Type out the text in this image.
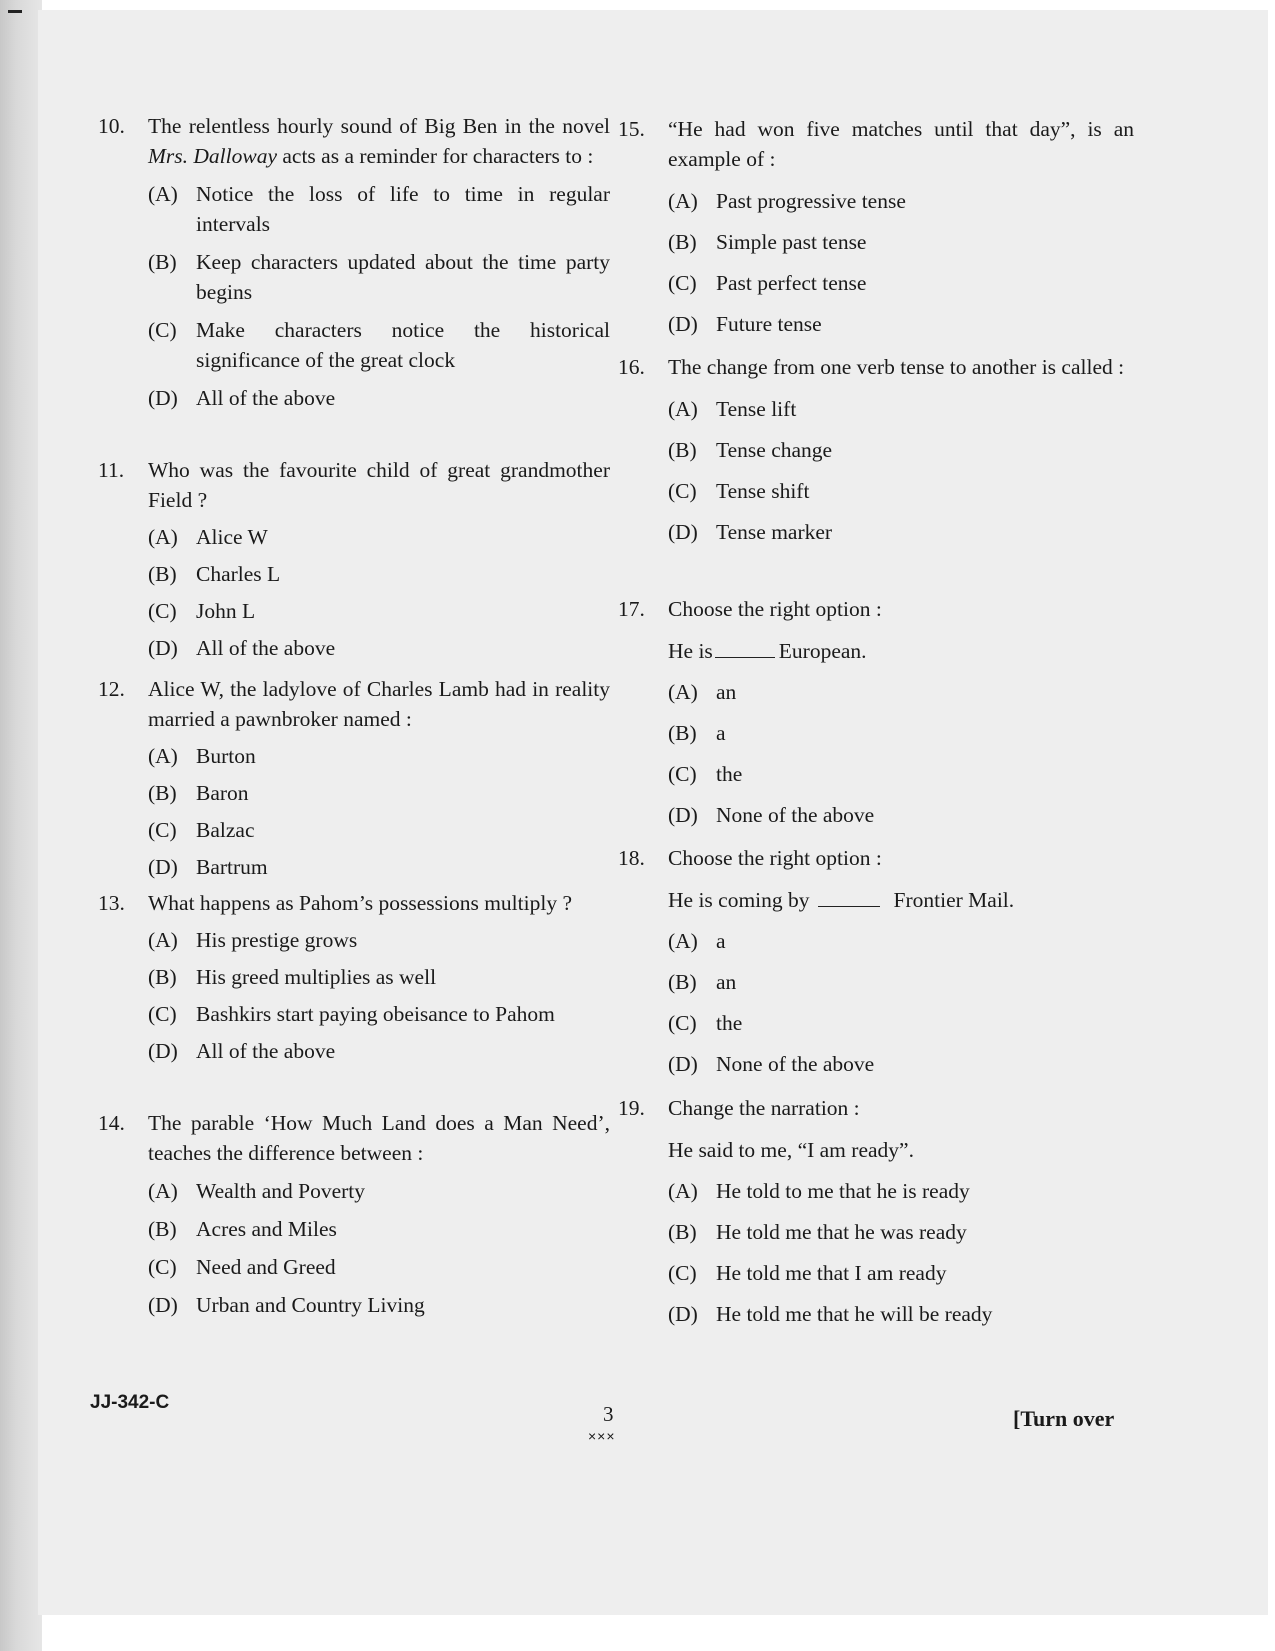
10. The relentless hourly sound of Big Ben in the novel Mrs. Dalloway acts as a reminder for characters to :
(A) Notice the loss of life to time in regular intervals
(B) Keep characters updated about the time party begins
(C) Make characters notice the historical significance of the great clock
(D) All of the above
11. Who was the favourite child of great grandmother Field ?
(A) Alice W
(B) Charles L
(C) John L
(D) All of the above
12. Alice W, the ladylove of Charles Lamb had in reality married a pawnbroker named :
(A) Burton
(B) Baron
(C) Balzac
(D) Bartrum
13. What happens as Pahom’s possessions multiply ?
(A) His prestige grows
(B) His greed multiplies as well
(C) Bashkirs start paying obeisance to Pahom
(D) All of the above
14. The parable ‘How Much Land does a Man Need’, teaches the difference between :
(A) Wealth and Poverty
(B) Acres and Miles
(C) Need and Greed
(D) Urban and Country Living
15. “He had won five matches until that day”, is an example of :
(A) Past progressive tense
(B) Simple past tense
(C) Past perfect tense
(D) Future tense
16. The change from one verb tense to another is called :
(A) Tense lift
(B) Tense change
(C) Tense shift
(D) Tense marker
17. Choose the right option :
He is	European.
(A) an
(B) a
(C) the
(D) None of the above
18. Choose the right option :
He is coming by	Frontier Mail.
(A) a
(B) an
(C) the
(D) None of the above
19. Change the narration :
He said to me, “I am ready”.
(A) He told to me that he is ready
(B) He told me that he was ready
(C) He told me that I am ready
(D) He told me that he will be ready
JJ-342-C	3
×××
[Turn over
